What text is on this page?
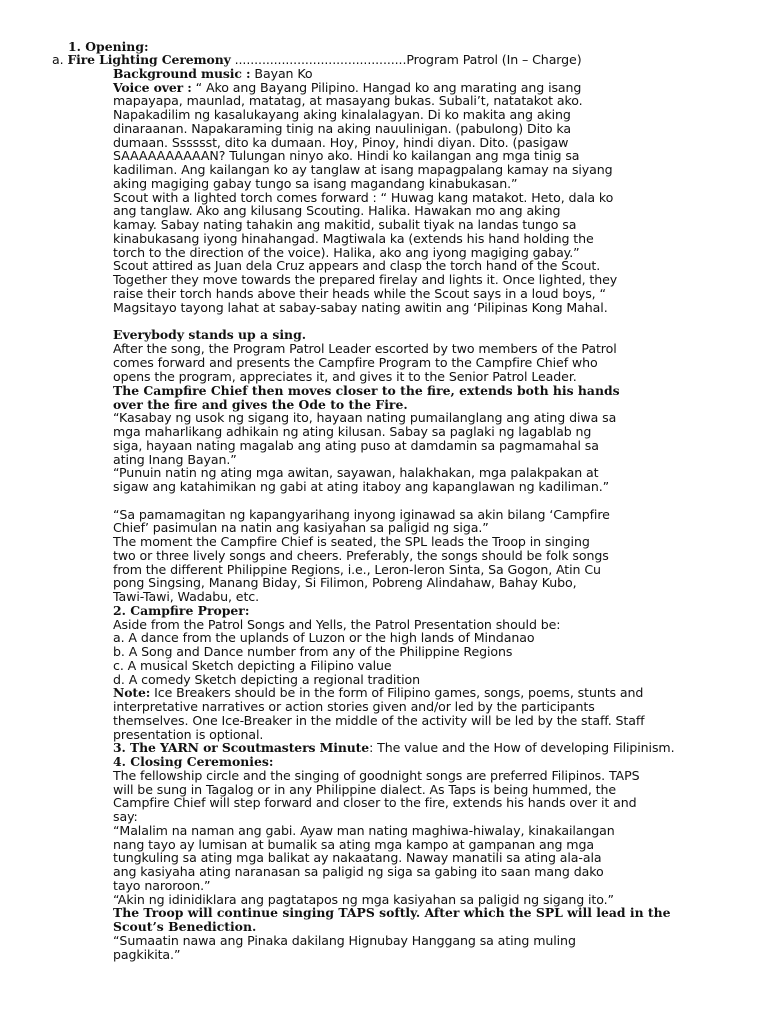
1. Opening:
a. Fire Lighting Ceremony ............................................Program Patrol (In – Charge)
Background music : Bayan Ko
Voice over : “ Ako ang Bayang Pilipino. Hangad ko ang marating ang isang
mapayapa, maunlad, matatag, at masayang bukas. Subali’t, natatakot ako.
Napakadilim ng kasalukayang aking kinalalagyan. Di ko makita ang aking
dinaraanan. Napakaraming tinig na aking nauulinigan. (pabulong) Dito ka
dumaan. Sssssst, dito ka dumaan. Hoy, Pinoy, hindi diyan. Dito. (pasigaw
SAAAAAAAAAAN? Tulungan ninyo ako. Hindi ko kailangan ang mga tinig sa
kadiliman. Ang kailangan ko ay tanglaw at isang mapagpalang kamay na siyang
aking magiging gabay tungo sa isang magandang kinabukasan.”
Scout with a lighted torch comes forward : “ Huwag kang matakot. Heto, dala ko
ang tanglaw. Ako ang kilusang Scouting. Halika. Hawakan mo ang aking
kamay. Sabay nating tahakin ang makitid, subalit tiyak na landas tungo sa
kinabukasang iyong hinahangad. Magtiwala ka (extends his hand holding the
torch to the direction of the voice). Halika, ako ang iyong magiging gabay.”
Scout attired as Juan dela Cruz appears and clasp the torch hand of the Scout.
Together they move towards the prepared firelay and lights it. Once lighted, they
raise their torch hands above their heads while the Scout says in a loud boys, “
Magsitayo tayong lahat at sabay-sabay nating awitin ang ‘Pilipinas Kong Mahal.
Everybody stands up a sing.
After the song, the Program Patrol Leader escorted by two members of the Patrol
comes forward and presents the Campfire Program to the Campfire Chief who
opens the program, appreciates it, and gives it to the Senior Patrol Leader.
The Campfire Chief then moves closer to the fire, extends both his hands
over the fire and gives the Ode to the Fire.
“Kasabay ng usok ng sigang ito, hayaan nating pumailanglang ang ating diwa sa
mga maharlikang adhikain ng ating kilusan. Sabay sa paglaki ng lagablab ng
siga, hayaan nating magalab ang ating puso at damdamin sa pagmamahal sa
ating Inang Bayan.”
“Punuin natin ng ating mga awitan, sayawan, halakhakan, mga palakpakan at
sigaw ang katahimikan ng gabi at ating itaboy ang kapanglawan ng kadiliman.”
“Sa pamamagitan ng kapangyarihang inyong iginawad sa akin bilang ‘Campfire
Chief’ pasimulan na natin ang kasiyahan sa paligid ng siga.”
The moment the Campfire Chief is seated, the SPL leads the Troop in singing
two or three lively songs and cheers. Preferably, the songs should be folk songs
from the different Philippine Regions, i.e., Leron-leron Sinta, Sa Gogon, Atin Cu
pong Singsing, Manang Biday, Si Filimon, Pobreng Alindahaw, Bahay Kubo,
Tawi-Tawi, Wadabu, etc.
2. Campfire Proper:
Aside from the Patrol Songs and Yells, the Patrol Presentation should be:
a. A dance from the uplands of Luzon or the high lands of Mindanao
b. A Song and Dance number from any of the Philippine Regions
c. A musical Sketch depicting a Filipino value
d. A comedy Sketch depicting a regional tradition
Note: Ice Breakers should be in the form of Filipino games, songs, poems, stunts and
interpretative narratives or action stories given and/or led by the participants
themselves. One Ice-Breaker in the middle of the activity will be led by the staff. Staff
presentation is optional.
3. The YARN or Scoutmasters Minute: The value and the How of developing Filipinism.
4. Closing Ceremonies:
The fellowship circle and the singing of goodnight songs are preferred Filipinos. TAPS
will be sung in Tagalog or in any Philippine dialect. As Taps is being hummed, the
Campfire Chief will step forward and closer to the fire, extends his hands over it and
say:
“Malalim na naman ang gabi. Ayaw man nating maghiwa-hiwalay, kinakailangan
nang tayo ay lumisan at bumalik sa ating mga kampo at gampanan ang mga
tungkuling sa ating mga balikat ay nakaatang. Naway manatili sa ating ala-ala
ang kasiyaha ating naranasan sa paligid ng siga sa gabing ito saan mang dako
tayo naroroon.”
“Akin ng idinidiklara ang pagtatapos ng mga kasiyahan sa paligid ng sigang ito.”
The Troop will continue singing TAPS softly. After which the SPL will lead in the
Scout’s Benediction.
“Sumaatin nawa ang Pinaka dakilang Hignubay Hanggang sa ating muling
pagkikita.”
